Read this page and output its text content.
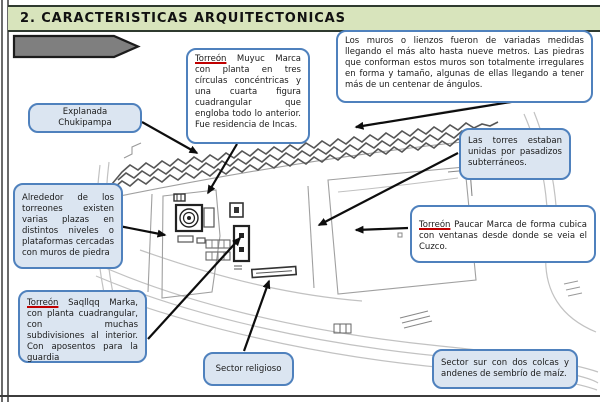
2. CARACTERISTICAS ARQUITECTONICAS
Los muros o lienzos fueron de variadas medidas llegando el más alto hasta nueve metros. Las piedras que conforman estos muros son totalmente irregulares en forma y tamaño, algunas de ellas llegando a tener más de un centenar de ángulos.
Torreón Muyuc Marca con planta en tres círculas concéntricas y una cuarta figura cuadrangular que engloba todo lo anterior. Fue residencia de Incas.
Explanada Chukipampa
Alrededor de los torreones existen varias plazas en distintos niveles o plataformas cercadas con muros de piedra
Torreón Saqllqq Marka, con planta cuadrangular, con muchas subdivisiones al interior. Con aposentos para la guardia
Las torres estaban unidas por pasadizos subterráneos.
Torreón Paucar Marca de forma cubica con ventanas desde donde se veia el Cuzco.
Sector religioso
Sector sur con dos colcas y andenes de sembrío de maíz.
